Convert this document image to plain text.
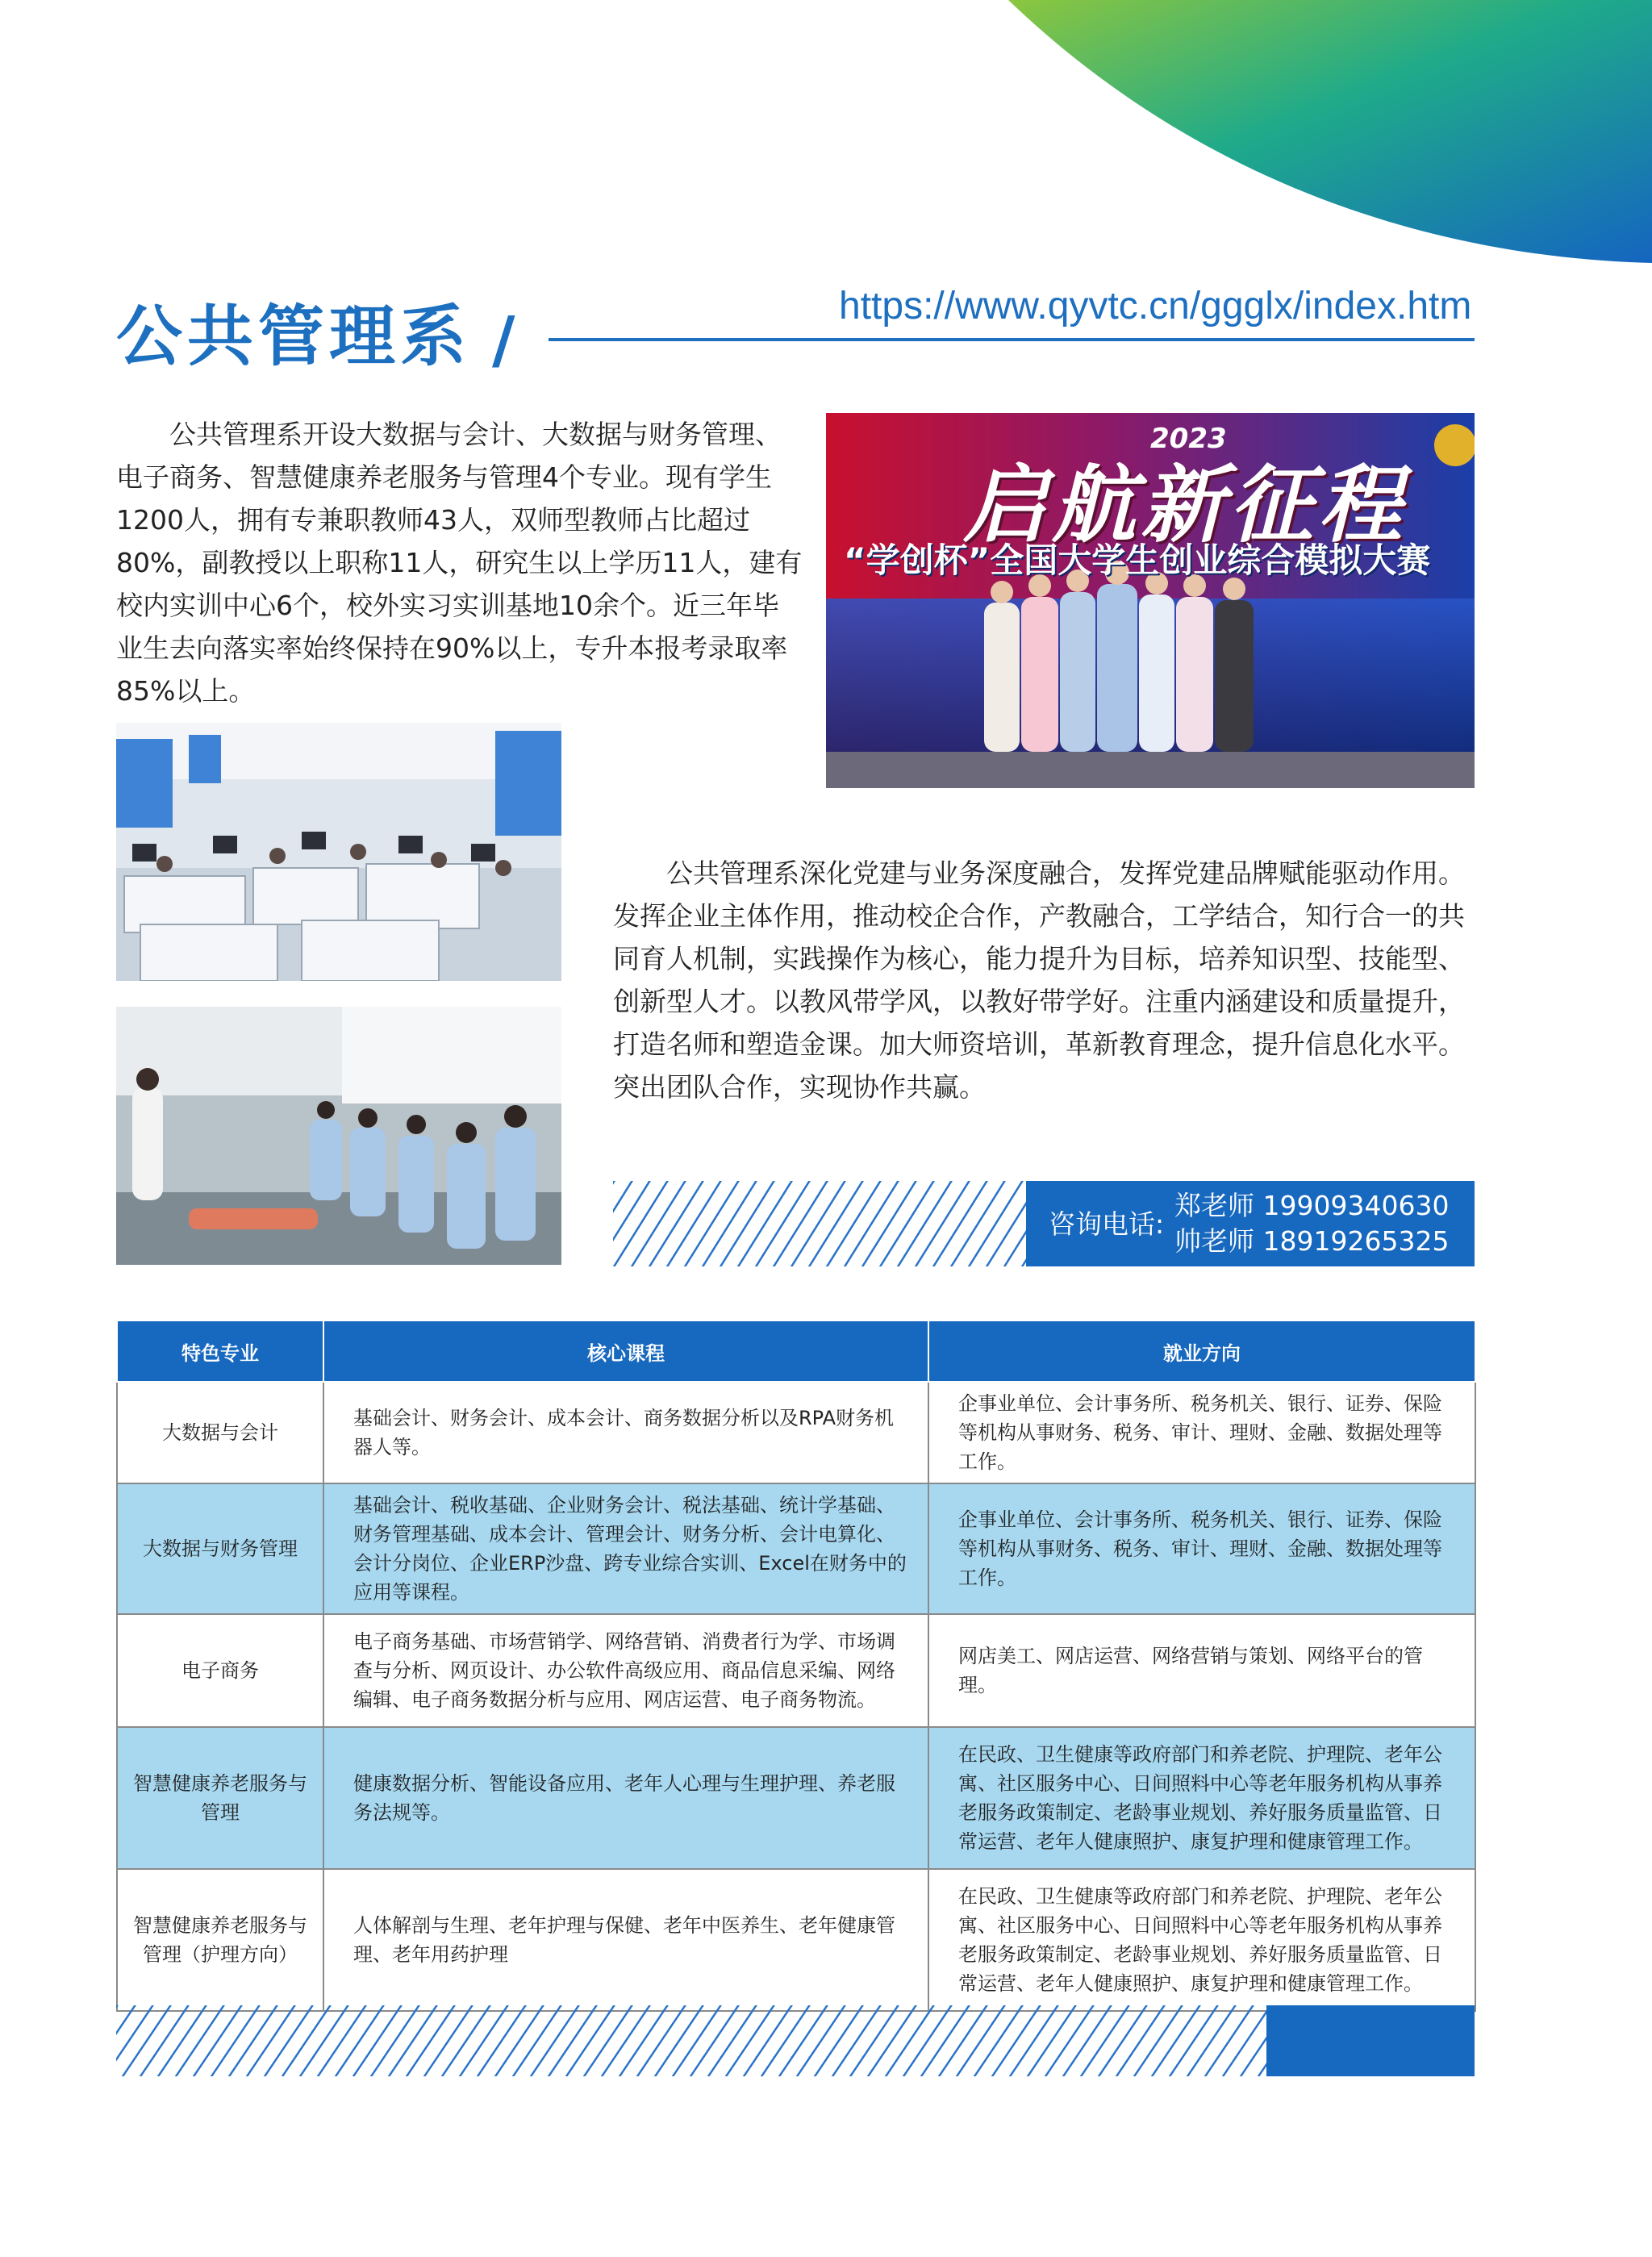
公共管理系 /	https://www.qyvtc.cn/ggglx/index.htm

公共管理系开设大数据与会计、大数据与财务管理、电子商务、智慧健康养老服务与管理4个专业。现有学生1200人，拥有专兼职教师43人，双师型教师占比超过80%，副教授以上职称11人，研究生以上学历11人，建有校内实训中心6个，校外实习实训基地10余个。近三年毕业生去向落实率始终保持在90%以上，专升本报考录取率85%以上。

启航新征程
2023
“学创杯”全国大学生创业综合模拟大赛

公共管理系深化党建与业务深度融合，发挥党建品牌赋能驱动作用。发挥企业主体作用，推动校企合作，产教融合，工学结合，知行合一的共同育人机制，实践操作为核心，能力提升为目标，培养知识型、技能型、创新型人才。以教风带学风，以教好带学好。注重内涵建设和质量提升，打造名师和塑造金课。加大师资培训，革新教育理念，提升信息化水平。突出团队合作，实现协作共赢。

咨询电话:
郑老师 19909340630
帅老师 18919265325
特色专业	核心课程	就业方向
大数据与会计	基础会计、财务会计、成本会计、商务数据分析以及RPA财务机器人等。	企事业单位、会计事务所、税务机关、银行、证券、保险等机构从事财务、税务、审计、理财、金融、数据处理等工作。
大数据与财务管理	基础会计、税收基础、企业财务会计、税法基础、统计学基础、财务管理基础、成本会计、管理会计、财务分析、会计电算化、会计分岗位、企业ERP沙盘、跨专业综合实训、Excel在财务中的应用等课程。	企事业单位、会计事务所、税务机关、银行、证券、保险等机构从事财务、税务、审计、理财、金融、数据处理等工作。
电子商务	电子商务基础、市场营销学、网络营销、消费者行为学、市场调查与分析、网页设计、办公软件高级应用、商品信息采编、网络编辑、电子商务数据分析与应用、网店运营、电子商务物流。	网店美工、网店运营、网络营销与策划、网络平台的管理。
智慧健康养老服务与管理	健康数据分析、智能设备应用、老年人心理与生理护理、养老服务法规等。	在民政、卫生健康等政府部门和养老院、护理院、老年公寓、社区服务中心、日间照料中心等老年服务机构从事养老服务政策制定、老龄事业规划、养好服务质量监管、日常运营、老年人健康照护、康复护理和健康管理工作。
智慧健康养老服务与管理（护理方向）	人体解剖与生理、老年护理与保健、老年中医养生、老年健康管理、老年用药护理	在民政、卫生健康等政府部门和养老院、护理院、老年公寓、社区服务中心、日间照料中心等老年服务机构从事养老服务政策制定、老龄事业规划、养好服务质量监管、日常运营、老年人健康照护、康复护理和健康管理工作。
